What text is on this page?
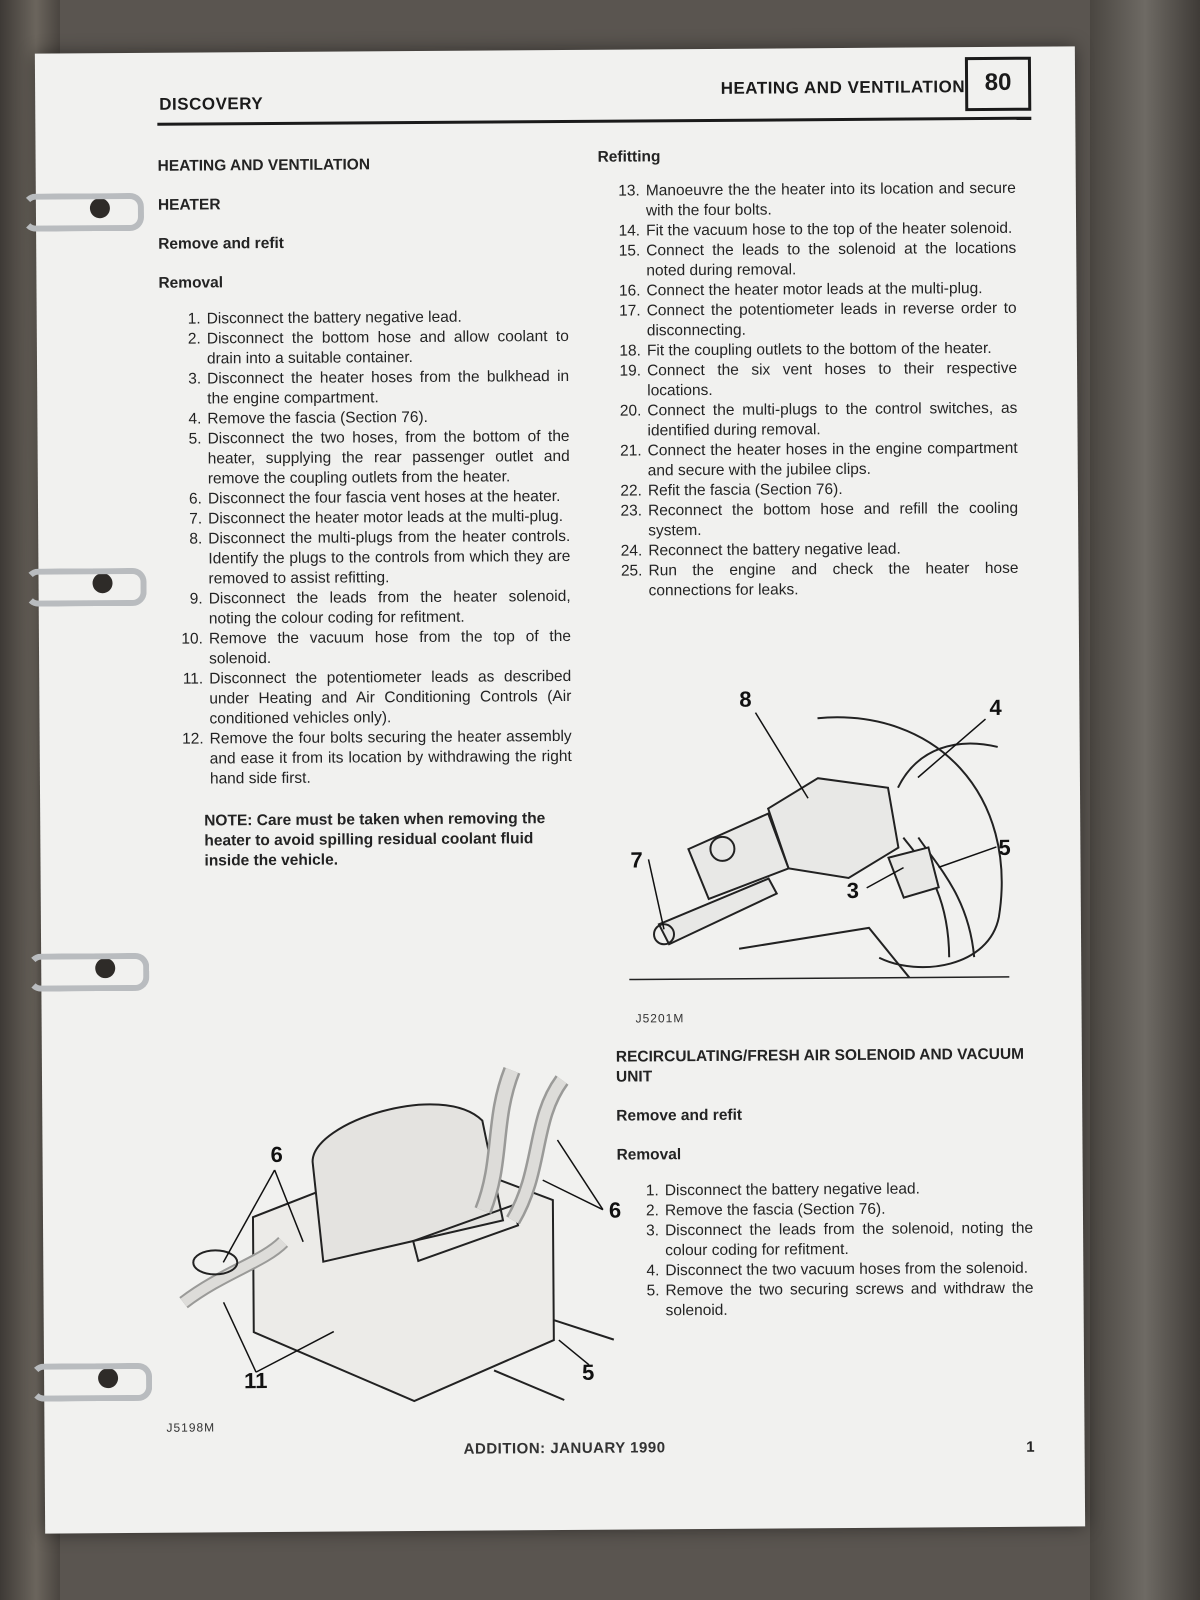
DISCOVERY
HEATING AND VENTILATION 80
HEATING AND VENTILATION
HEATER
Remove and refit
Removal
1. Disconnect the battery negative lead.
2. Disconnect the bottom hose and allow coolant to drain into a suitable container.
3. Disconnect the heater hoses from the bulkhead in the engine compartment.
4. Remove the fascia (Section 76).
5. Disconnect the two hoses, from the bottom of the heater, supplying the rear passenger outlet and remove the coupling outlets from the heater.
6. Disconnect the four fascia vent hoses at the heater.
7. Disconnect the heater motor leads at the multi-plug.
8. Disconnect the multi-plugs from the heater controls. Identify the plugs to the controls from which they are removed to assist refitting.
9. Disconnect the leads from the heater solenoid, noting the colour coding for refitment.
10. Remove the vacuum hose from the top of the solenoid.
11. Disconnect the potentiometer leads as described under Heating and Air Conditioning Controls (Air conditioned vehicles only).
12. Remove the four bolts securing the heater assembly and ease it from its location by withdrawing the right hand side first.
NOTE: Care must be taken when removing the heater to avoid spilling residual coolant fluid inside the vehicle.
Refitting
13. Manoeuvre the the heater into its location and secure with the four bolts.
14. Fit the vacuum hose to the top of the heater solenoid.
15. Connect the leads to the solenoid at the locations noted during removal.
16. Connect the heater motor leads at the multi-plug.
17. Connect the potentiometer leads in reverse order to disconnecting.
18. Fit the coupling outlets to the bottom of the heater.
19. Connect the six vent hoses to their respective locations.
20. Connect the multi-plugs to the control switches, as identified during removal.
21. Connect the heater hoses in the engine compartment and secure with the jubilee clips.
22. Refit the fascia (Section 76).
23. Reconnect the bottom hose and refill the cooling system.
24. Reconnect the battery negative lead.
25. Run the engine and check the heater hose connections for leaks.
8	4
7
5
3
J5201M
6
6
11	5
J5198M
RECIRCULATING/FRESH AIR SOLENOID AND VACUUM UNIT
Remove and refit
Removal
1. Disconnect the battery negative lead.
2. Remove the fascia (Section 76).
3. Disconnect the leads from the solenoid, noting the colour coding for refitment.
4. Disconnect the two vacuum hoses from the solenoid.
5. Remove the two securing screws and withdraw the solenoid.
ADDITION: JANUARY 1990	1
